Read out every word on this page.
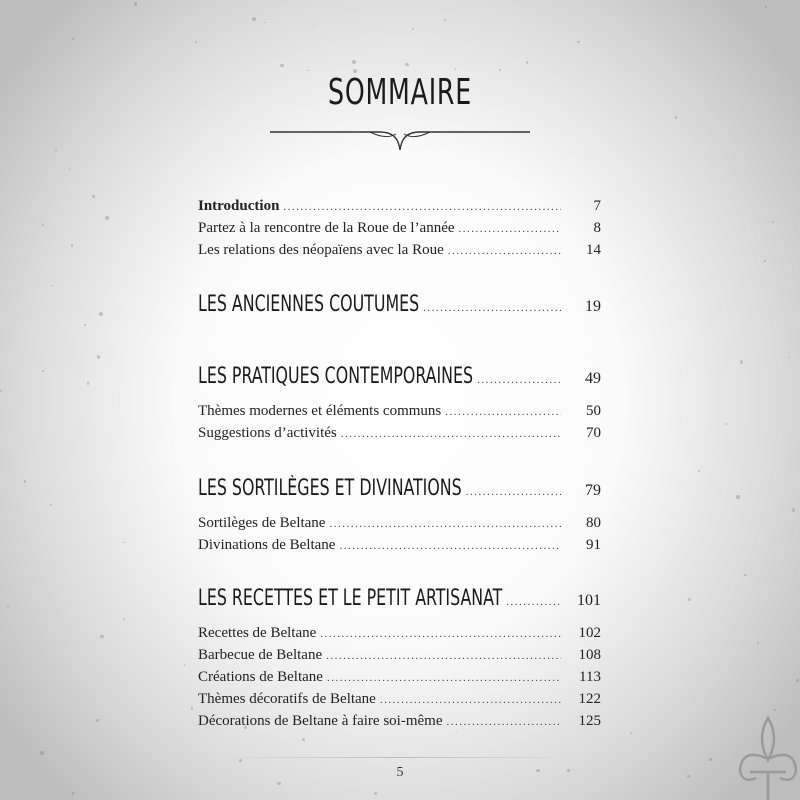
SOMMAIRE
Introduction .....	7
Partez à la rencontre de la Roue de l’année .....	8
Les relations des néopaïens avec la Roue .....	14
LES ANCIENNES COUTUMES .....	19
LES PRATIQUES CONTEMPORAINES .....	49
Thèmes modernes et éléments communs .....	50
Suggestions d’activités .....	70
LES SORTILÈGES ET DIVINATIONS .....	79
Sortilèges de Beltane .....	80
Divinations de Beltane .....	91
LES RECETTES ET LE PETIT ARTISANAT .....	101
Recettes de Beltane .....	102
Barbecue de Beltane .....	108
Créations de Beltane .....	113
Thèmes décoratifs de Beltane .....	122
Décorations de Beltane à faire soi-même .....	125
5
